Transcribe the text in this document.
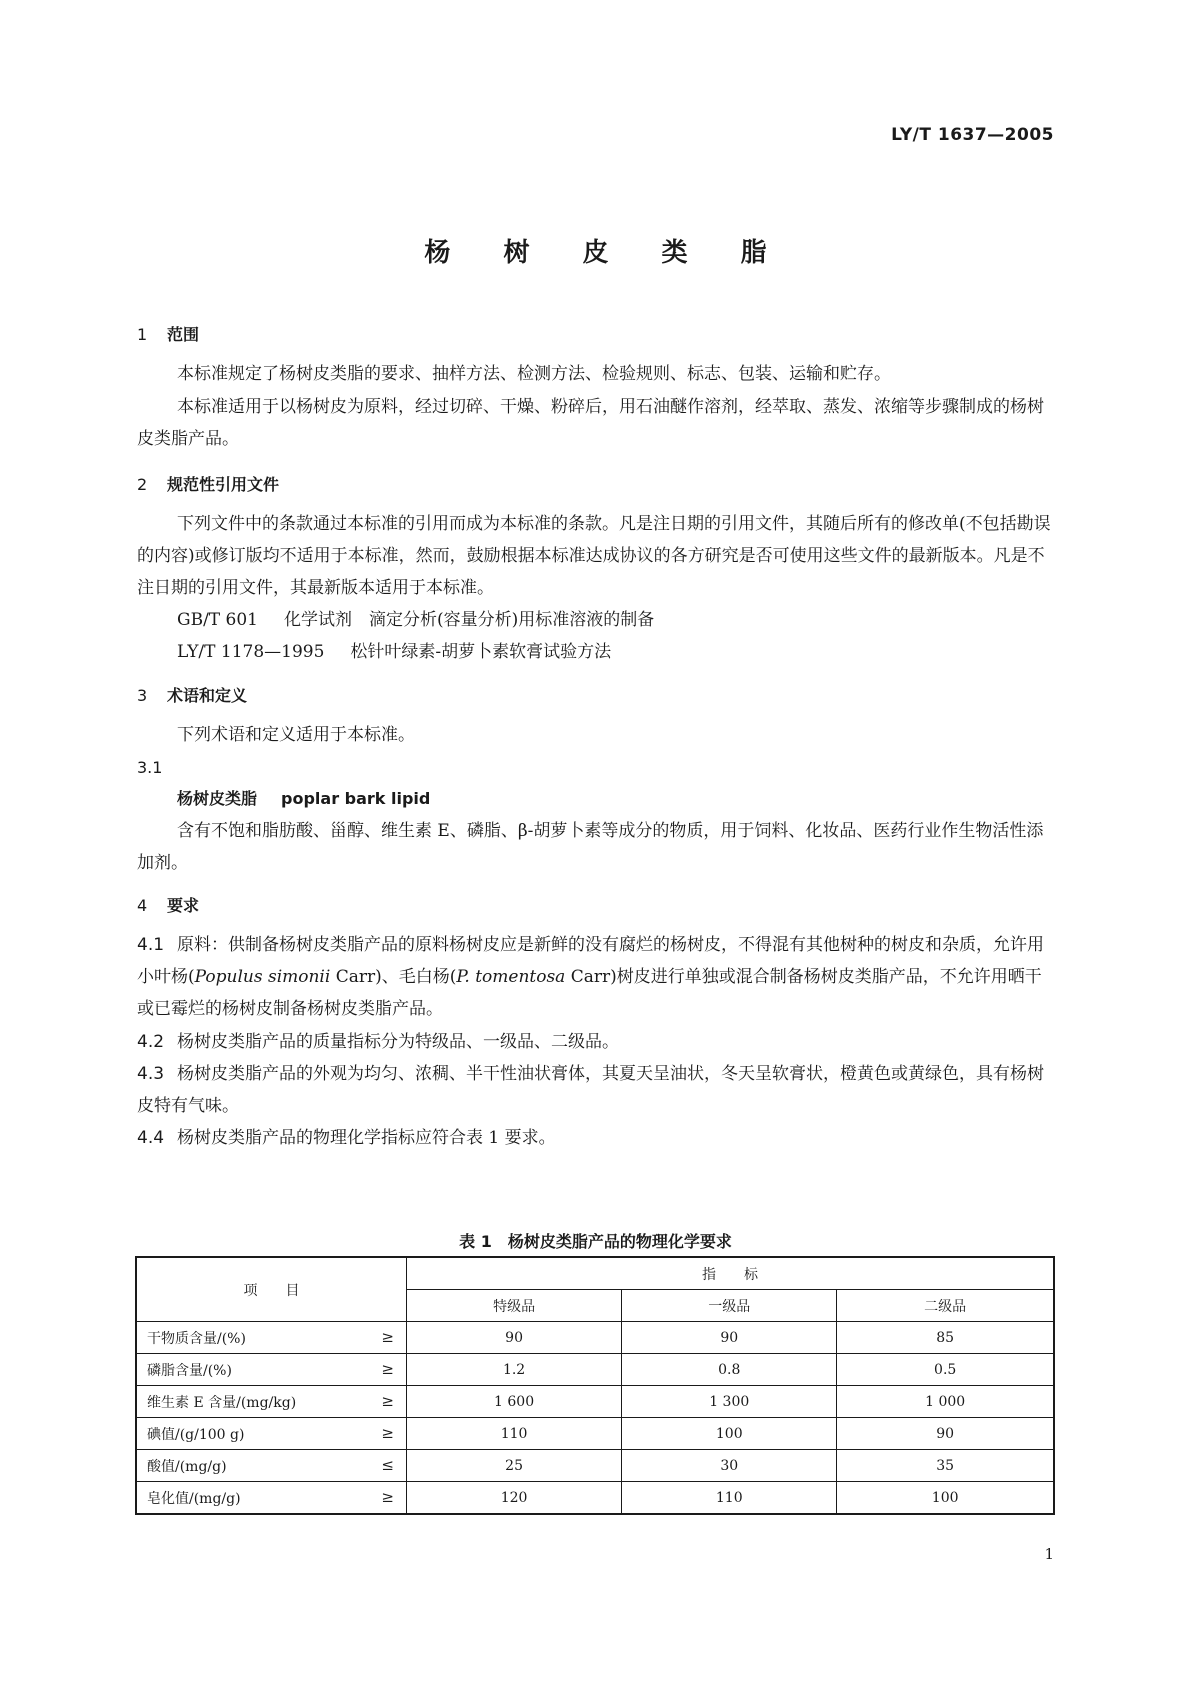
LY/T 1637—2005
杨 树 皮 类 脂
1 范围
本标准规定了杨树皮类脂的要求、抽样方法、检测方法、检验规则、标志、包装、运输和贮存。
本标准适用于以杨树皮为原料，经过切碎、干燥、粉碎后，用石油醚作溶剂，经萃取、蒸发、浓缩等步骤制成的杨树皮类脂产品。
2 规范性引用文件
下列文件中的条款通过本标准的引用而成为本标准的条款。凡是注日期的引用文件，其随后所有的修改单(不包括勘误的内容)或修订版均不适用于本标准，然而，鼓励根据本标准达成协议的各方研究是否可使用这些文件的最新版本。凡是不注日期的引用文件，其最新版本适用于本标准。
GB/T 601 化学试剂　滴定分析(容量分析)用标准溶液的制备
LY/T 1178—1995 松针叶绿素-胡萝卜素软膏试验方法
3 术语和定义
下列术语和定义适用于本标准。
3.1
杨树皮类脂 poplar bark lipid
含有不饱和脂肪酸、甾醇、维生素 E、磷脂、β-胡萝卜素等成分的物质，用于饲料、化妆品、医药行业作生物活性添加剂。
4 要求
4.1 原料：供制备杨树皮类脂产品的原料杨树皮应是新鲜的没有腐烂的杨树皮，不得混有其他树种的树皮和杂质，允许用小叶杨(Populus simonii Carr)、毛白杨(P. tomentosa Carr)树皮进行单独或混合制备杨树皮类脂产品，不允许用晒干或已霉烂的杨树皮制备杨树皮类脂产品。
4.2 杨树皮类脂产品的质量指标分为特级品、一级品、二级品。
4.3 杨树皮类脂产品的外观为均匀、浓稠、半干性油状膏体，其夏天呈油状，冬天呈软膏状，橙黄色或黄绿色，具有杨树皮特有气味。
4.4 杨树皮类脂产品的物理化学指标应符合表 1 要求。
表 1　杨树皮类脂产品的物理化学要求
项　　目	指　　标		
	特级品	一级品	二级品
干物质含量/(%) ≥	90	90	85
磷脂含量/(%) ≥	1.2	0.8	0.5
维生素 E 含量/(mg/kg) ≥	1 600	1 300	1 000
碘值/(g/100 g) ≥	110	100	90
酸值/(mg/g) ≤	25	30	35
皂化值/(mg/g) ≥	120	110	100
1
